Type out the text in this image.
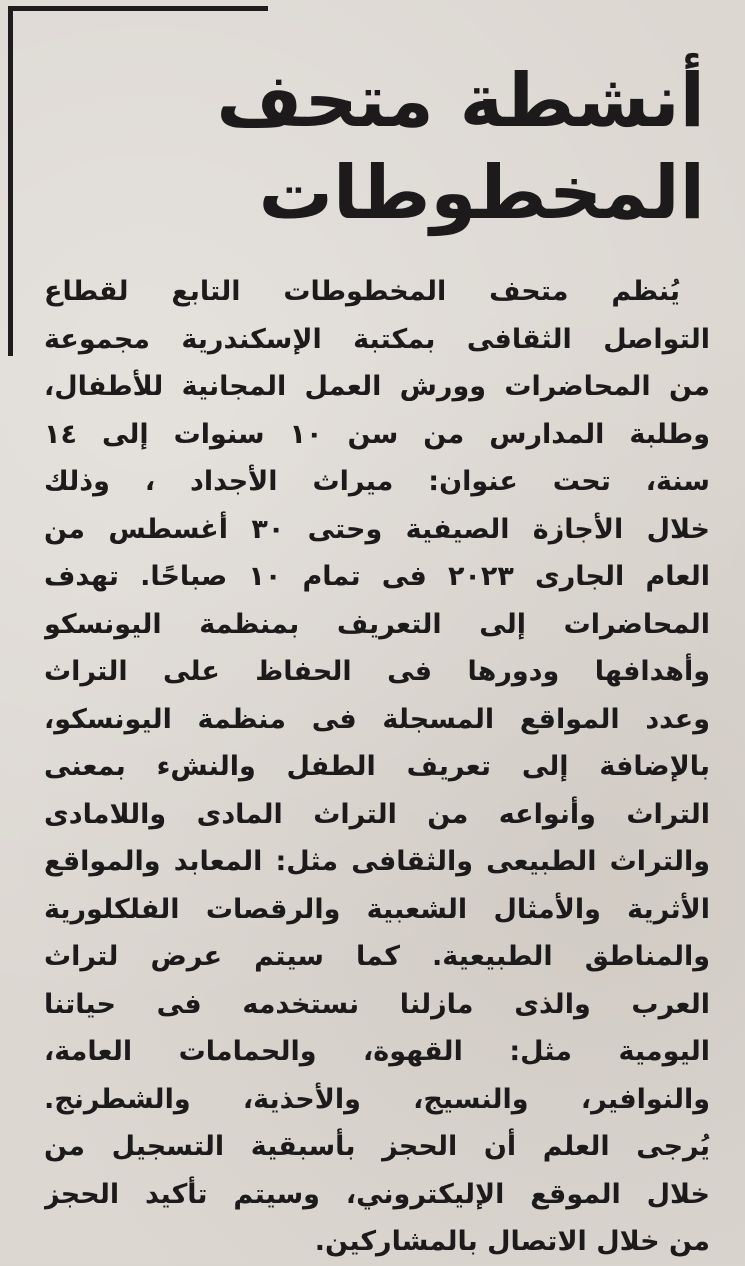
أنشطة متحف
المخطوطات
يُنظم متحف المخطوطات التابع لقطاع
التواصل الثقافى بمكتبة الإسكندرية مجموعة
من المحاضرات وورش العمل المجانية للأطفال،
وطلبة المدارس من سن ١٠ سنوات إلى ١٤
سنة، تحت عنوان: ميراث الأجداد ، وذلك
خلال الأجازة الصيفية وحتى ٣٠ أغسطس من
العام الجارى ٢٠٢٣ فى تمام ١٠ صباحًا. تهدف
المحاضرات إلى التعريف بمنظمة اليونسكو
وأهدافها ودورها فى الحفاظ على التراث
وعدد المواقع المسجلة فى منظمة اليونسكو،
بالإضافة إلى تعريف الطفل والنشء بمعنى
التراث وأنواعه من التراث المادى واللامادى
والتراث الطبيعى والثقافى مثل: المعابد والمواقع
الأثرية والأمثال الشعبية والرقصات الفلكلورية
والمناطق الطبيعية. كما سيتم عرض لتراث
العرب والذى مازلنا نستخدمه فى حياتنا
اليومية مثل: القهوة، والحمامات العامة،
والنوافير، والنسيج، والأحذية، والشطرنج.
يُرجى العلم أن الحجز بأسبقية التسجيل من
خلال الموقع الإليكتروني، وسيتم تأكيد الحجز
من خلال الاتصال بالمشاركين.
